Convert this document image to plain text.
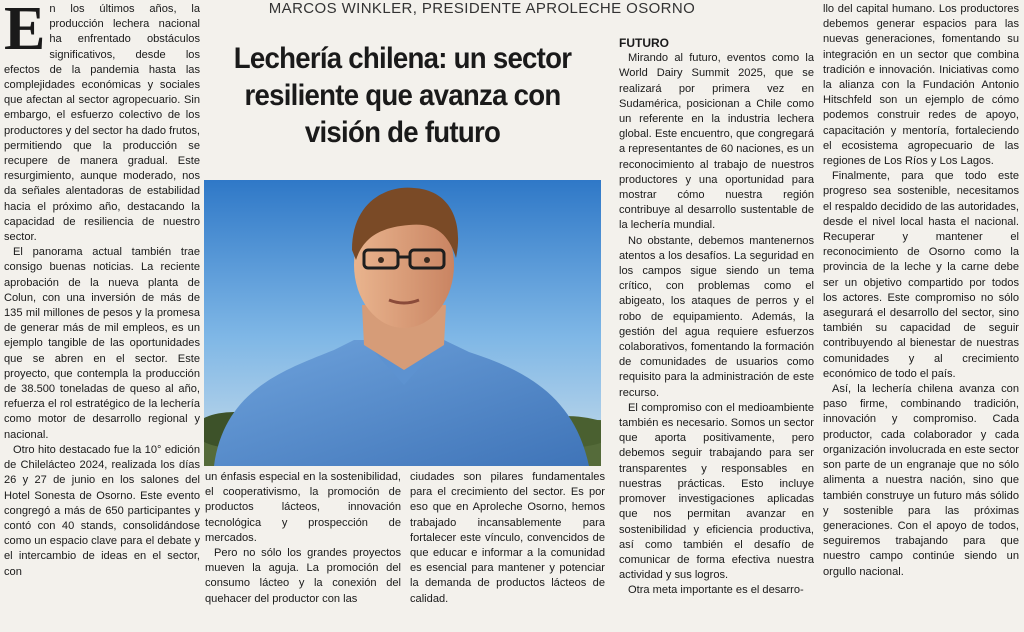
MARCOS WINKLER, PRESIDENTE APROLECHE OSORNO
Lechería chilena: un sector resiliente que avanza con visión de futuro

En los últimos años, la producción lechera nacional ha enfrentado obstáculos significativos, desde los efectos de la pandemia hasta las complejidades económicas y sociales que afectan al sector agropecuario. Sin embargo, el esfuerzo colectivo de los productores y del sector ha dado frutos, permitiendo que la producción se recupere de manera gradual. Este resurgimiento, aunque moderado, nos da señales alentadoras de estabilidad hacia el próximo año, destacando la capacidad de resiliencia de nuestro sector.

El panorama actual también trae consigo buenas noticias. La reciente aprobación de la nueva planta de Colun, con una inversión de más de 135 mil millones de pesos y la promesa de generar más de mil empleos, es un ejemplo tangible de las oportunidades que se abren en el sector. Este proyecto, que contempla la producción de 38.500 toneladas de queso al año, refuerza el rol estratégico de la lechería como motor de desarrollo regional y nacional.

Otro hito destacado fue la 10° edición de Chilelácteo 2024, realizada los días 26 y 27 de junio en los salones del Hotel Sonesta de Osorno. Este evento congregó a más de 650 participantes y contó con 40 stands, consolidándose como un espacio clave para el debate y el intercambio de ideas en el sector, con

un énfasis especial en la sostenibilidad, el cooperativismo, la promoción de productos lácteos, innovación tecnológica y prospección de mercados.

Pero no sólo los grandes proyectos mueven la aguja. La promoción del consumo lácteo y la conexión del quehacer del productor con las

ciudades son pilares fundamentales para el crecimiento del sector. Es por eso que en Aproleche Osorno, hemos trabajado incansablemente para fortalecer este vínculo, convencidos de que educar e informar a la comunidad es esencial para mantener y potenciar la demanda de productos lácteos de calidad.

FUTURO

Mirando al futuro, eventos como la World Dairy Summit 2025, que se realizará por primera vez en Sudamérica, posicionan a Chile como un referente en la industria lechera global. Este encuentro, que congregará a representantes de 60 naciones, es un reconocimiento al trabajo de nuestros productores y una oportunidad para mostrar cómo nuestra región contribuye al desarrollo sustentable de la lechería mundial.

No obstante, debemos mantenernos atentos a los desafíos. La seguridad en los campos sigue siendo un tema crítico, con problemas como el abigeato, los ataques de perros y el robo de equipamiento. Además, la gestión del agua requiere esfuerzos colaborativos, fomentando la formación de comunidades de usuarios como requisito para la administración de este recurso.

El compromiso con el medioambiente también es necesario. Somos un sector que aporta positivamente, pero debemos seguir trabajando para ser transparentes y responsables en nuestras prácticas. Esto incluye promover investigaciones aplicadas que nos permitan avanzar en sostenibilidad y eficiencia productiva, así como también el desafío de comunicar de forma efectiva nuestra actividad y sus logros.

Otra meta importante es el desarro-

llo del capital humano. Los productores debemos generar espacios para las nuevas generaciones, fomentando su integración en un sector que combina tradición e innovación. Iniciativas como la alianza con la Fundación Antonio Hitschfeld son un ejemplo de cómo podemos construir redes de apoyo, capacitación y mentoría, fortaleciendo el ecosistema agropecuario de las regiones de Los Ríos y Los Lagos.

Finalmente, para que todo este progreso sea sostenible, necesitamos el respaldo decidido de las autoridades, desde el nivel local hasta el nacional. Recuperar y mantener el reconocimiento de Osorno como la provincia de la leche y la carne debe ser un objetivo compartido por todos los actores. Este compromiso no sólo asegurará el desarrollo del sector, sino también su capacidad de seguir contribuyendo al bienestar de nuestras comunidades y al crecimiento económico de todo el país.

Así, la lechería chilena avanza con paso firme, combinando tradición, innovación y compromiso. Cada productor, cada colaborador y cada organización involucrada en este sector son parte de un engranaje que no sólo alimenta a nuestra nación, sino que también construye un futuro más sólido y sostenible para las próximas generaciones. Con el apoyo de todos, seguiremos trabajando para que nuestro campo continúe siendo un orgullo nacional.
